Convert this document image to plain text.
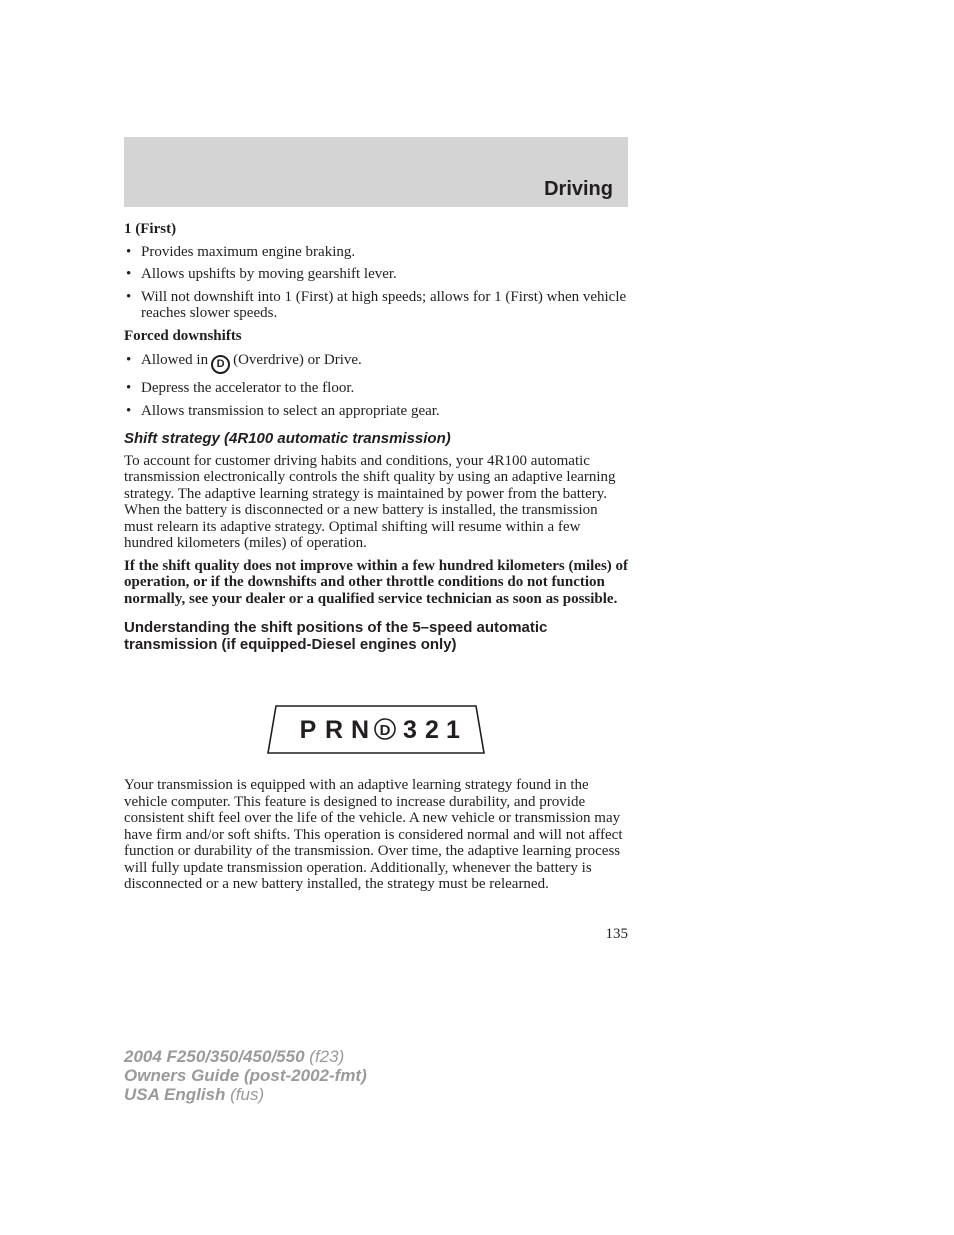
Driving

1 (First)

• Provides maximum engine braking.
• Allows upshifts by moving gearshift lever.
• Will not downshift into 1 (First) at high speeds; allows for 1 (First) when vehicle reaches slower speeds.

Forced downshifts

• Allowed in D (Overdrive) or Drive.
• Depress the accelerator to the floor.
• Allows transmission to select an appropriate gear.
Shift strategy (4R100 automatic transmission)

To account for customer driving habits and conditions, your 4R100 automatic transmission electronically controls the shift quality by using an adaptive learning strategy. The adaptive learning strategy is maintained by power from the battery. When the battery is disconnected or a new battery is installed, the transmission must relearn its adaptive strategy. Optimal shifting will resume within a few hundred kilometers (miles) of operation.

If the shift quality does not improve within a few hundred kilometers (miles) of operation, or if the downshifts and other throttle conditions do not function normally, see your dealer or a qualified service technician as soon as possible.

Understanding the shift positions of the 5–speed automatic transmission (if equipped-Diesel engines only)
P R N D 3 2 1

Your transmission is equipped with an adaptive learning strategy found in the vehicle computer. This feature is designed to increase durability, and provide consistent shift feel over the life of the vehicle. A new vehicle or transmission may have firm and/or soft shifts. This operation is considered normal and will not affect function or durability of the transmission. Over time, the adaptive learning process will fully update transmission operation. Additionally, whenever the battery is disconnected or a new battery installed, the strategy must be relearned.

135
2004 F250/350/450/550 (f23)
Owners Guide (post-2002-fmt)
USA English (fus)
